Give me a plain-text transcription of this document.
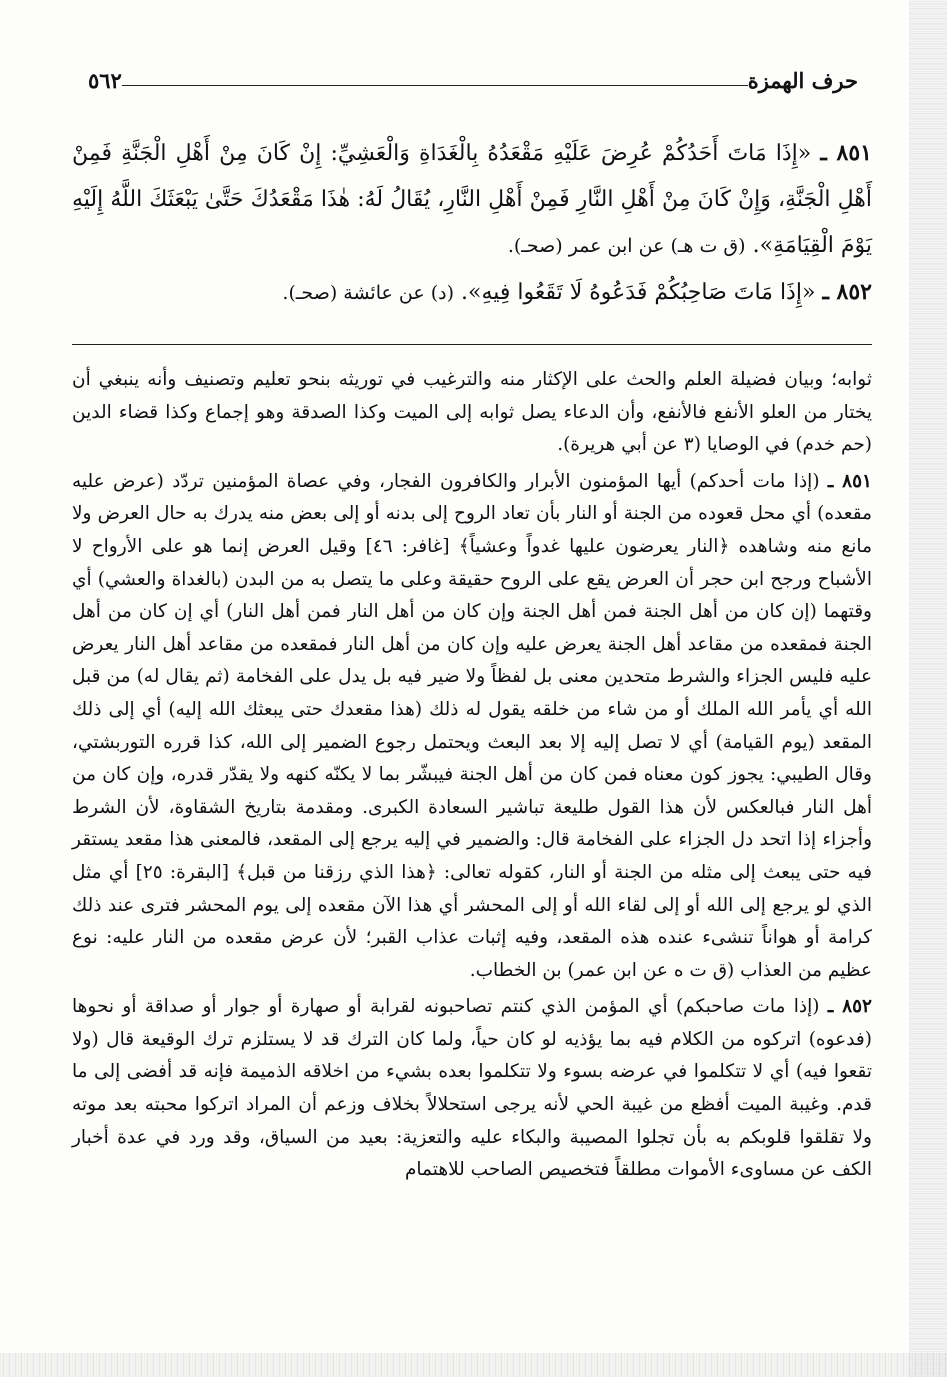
حرف الهمزة
٥٦٢

٨٥١ ـ «إِذَا مَاتَ أَحَدُكُمْ عُرِضَ عَلَيْهِ مَقْعَدُهُ بِالْغَدَاةِ وَالْعَشِيِّ: إِنْ كَانَ مِنْ أَهْلِ الْجَنَّةِ فَمِنْ أَهْلِ الْجَنَّةِ، وَإِنْ كَانَ مِنْ أَهْلِ النَّارِ فَمِنْ أَهْلِ النَّارِ، يُقَالُ لَهُ: هٰذَا مَقْعَدُكَ حَتَّىٰ يَبْعَثَكَ اللَّهُ إِلَيْهِ يَوْمَ الْقِيَامَةِ». (ق ت هـ) عن ابن عمر (صحـ).

٨٥٢ ـ «إِذَا مَاتَ صَاحِبُكُمْ فَدَعُوهُ لَا تَقَعُوا فِيهِ». (د) عن عائشة (صحـ).

ثوابه؛ وبيان فضيلة العلم والحث على الإكثار منه والترغيب في توريثه بنحو تعليم وتصنيف وأنه ينبغي أن يختار من العلو الأنفع فالأنفع، وأن الدعاء يصل ثوابه إلى الميت وكذا الصدقة وهو إجماع وكذا قضاء الدين (حم خدم) في الوصايا (٣ عن أبي هريرة).

٨٥١ ـ (إذا مات أحدكم) أيها المؤمنون الأبرار والكافرون الفجار، وفي عصاة المؤمنين تردّد (عرض عليه مقعده) أي محل قعوده من الجنة أو النار بأن تعاد الروح إلى بدنه أو إلى بعض منه يدرك به حال العرض ولا مانع منه وشاهده ﴿النار يعرضون عليها غدواً وعشياً﴾ [غافر: ٤٦] وقيل العرض إنما هو على الأرواح لا الأشباح ورجح ابن حجر أن العرض يقع على الروح حقيقة وعلى ما يتصل به من البدن (بالغداة والعشي) أي وقتهما (إن كان من أهل الجنة فمن أهل الجنة وإن كان من أهل النار فمن أهل النار) أي إن كان من أهل الجنة فمقعده من مقاعد أهل الجنة يعرض عليه وإن كان من أهل النار فمقعده من مقاعد أهل النار يعرض عليه فليس الجزاء والشرط متحدين معنى بل لفظاً ولا ضير فيه بل يدل على الفخامة (ثم يقال له) من قبل الله أي يأمر الله الملك أو من شاء من خلقه يقول له ذلك (هذا مقعدك حتى يبعثك الله إليه) أي إلى ذلك المقعد (يوم القيامة) أي لا تصل إليه إلا بعد البعث ويحتمل رجوع الضمير إلى الله، كذا قرره التوربشتي، وقال الطيبي: يجوز كون معناه فمن كان من أهل الجنة فيبشّر بما لا يكنّه كنهه ولا يقدّر قدره، وإن كان من أهل النار فبالعكس لأن هذا القول طليعة تباشير السعادة الكبرى. ومقدمة بتاريخ الشقاوة، لأن الشرط وأجزاء إذا اتحد دل الجزاء على الفخامة قال: والضمير في إليه يرجع إلى المقعد، فالمعنى هذا مقعد يستقر فيه حتى يبعث إلى مثله من الجنة أو النار، كقوله تعالى: ﴿هذا الذي رزقنا من قبل﴾ [البقرة: ٢٥] أي مثل الذي لو يرجع إلى الله أو إلى لقاء الله أو إلى المحشر أي هذا الآن مقعده إلى يوم المحشر فترى عند ذلك كرامة أو هواناً تنشىء عنده هذه المقعد، وفيه إثبات عذاب القبر؛ لأن عرض مقعده من النار عليه: نوع عظيم من العذاب (ق ت ه عن ابن عمر) بن الخطاب.

٨٥٢ ـ (إذا مات صاحبكم) أي المؤمن الذي كنتم تصاحبونه لقرابة أو صهارة أو جوار أو صداقة أو نحوها (فدعوه) اتركوه من الكلام فيه بما يؤذيه لو كان حياً، ولما كان الترك قد لا يستلزم ترك الوقيعة قال (ولا تقعوا فيه) أي لا تتكلموا في عرضه بسوء ولا تتكلموا بعده بشيء من اخلاقه الذميمة فإنه قد أفضى إلى ما قدم. وغيبة الميت أفظع من غيبة الحي لأنه يرجى استحلالاً بخلاف وزعم أن المراد اتركوا محبته بعد موته ولا تقلقوا قلوبكم به بأن تجلوا المصيبة والبكاء عليه والتعزية: بعيد من السياق، وقد ورد في عدة أخبار الكف عن مساوىء الأموات مطلقاً فتخصيص الصاحب للاهتمام
